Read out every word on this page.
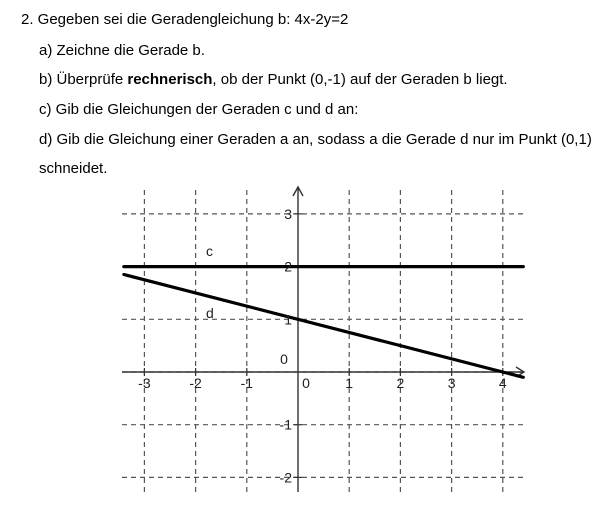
2. Gegeben sei die Geradengleichung b: 4x-2y=2
a) Zeichne die Gerade b.
b) Überprüfe rechnerisch, ob der Punkt (0,-1) auf der Geraden b liegt.
c) Gib die Gleichungen der Geraden c und d an:
d) Gib die Gleichung einer Geraden a an, sodass a die Gerade d nur im Punkt (0,1)
schneidet.
c
d
-3	-2	-1	0	1	2	3	4
-2
-1
1
2
3
0
